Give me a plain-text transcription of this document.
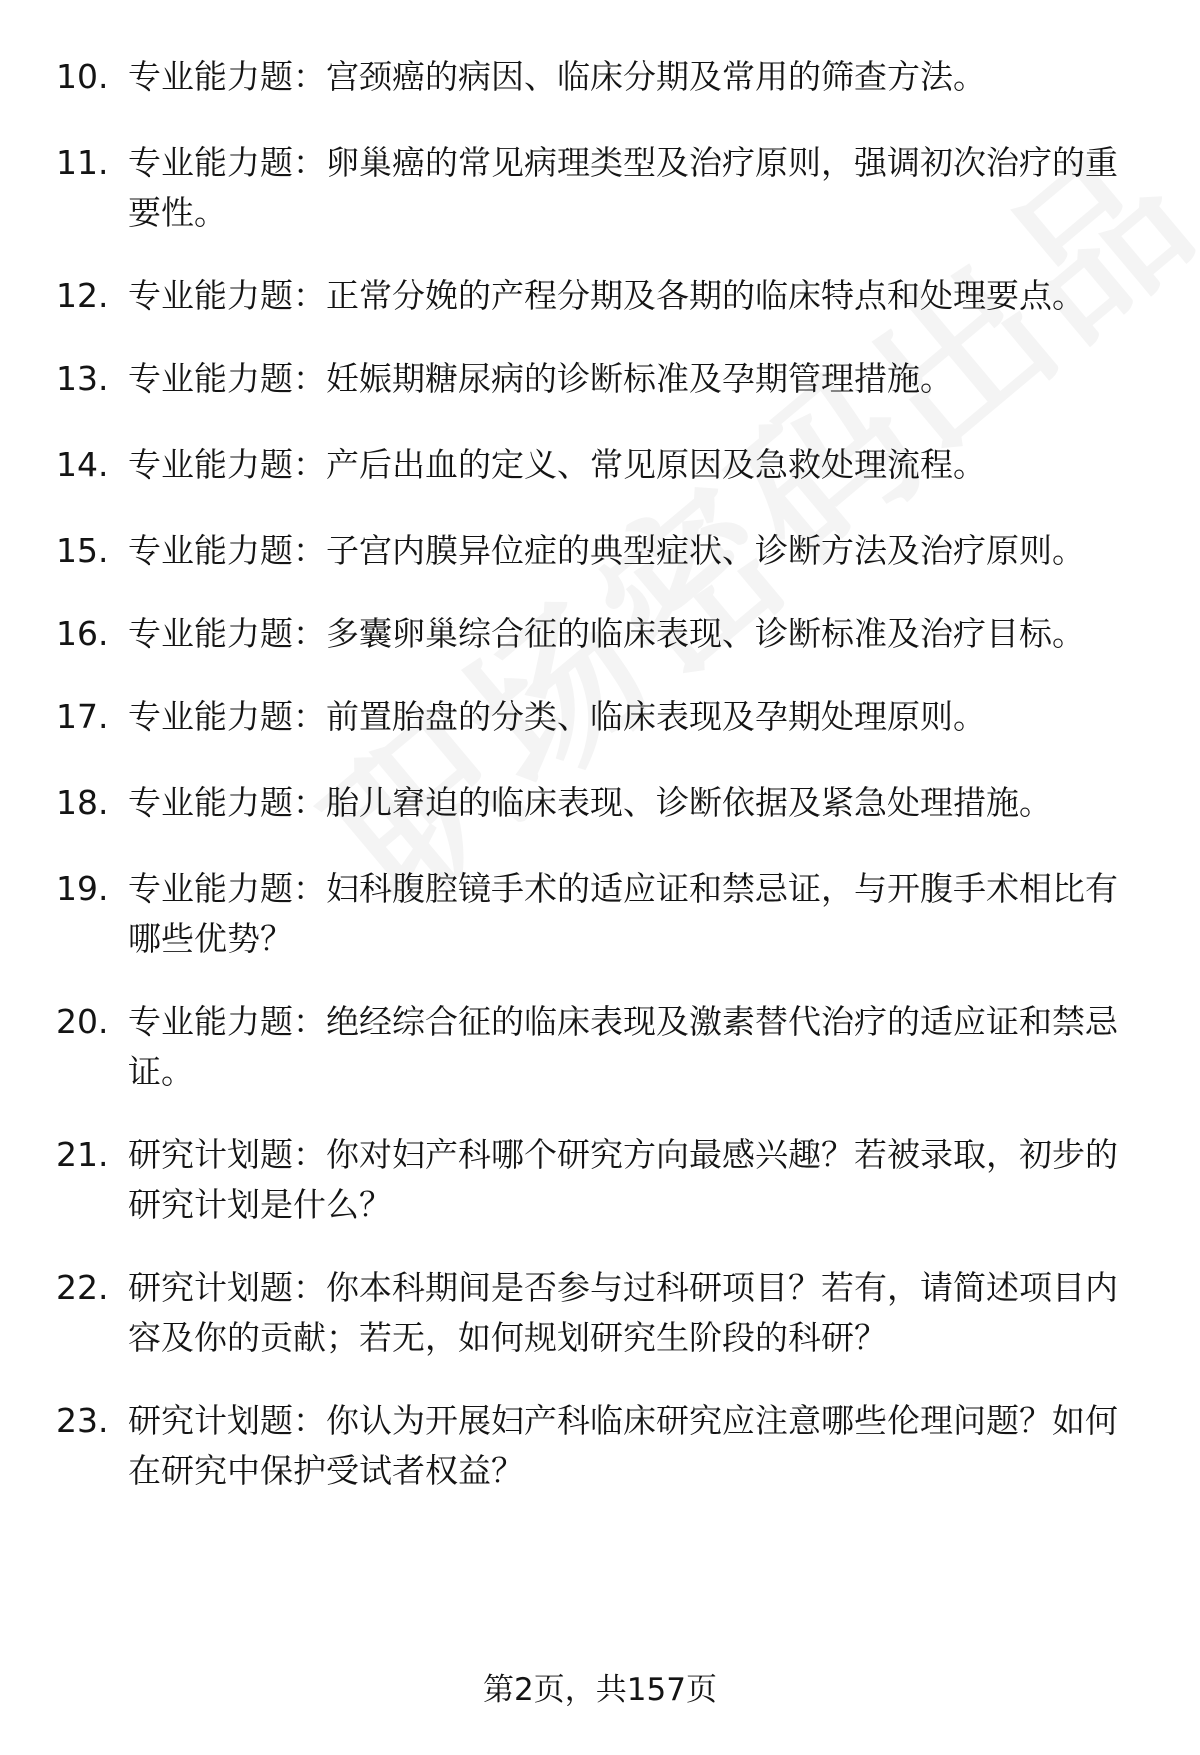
10. 专业能力题：宫颈癌的病因、临床分期及常用的筛查方法。
11. 专业能力题：卵巢癌的常见病理类型及治疗原则，强调初次治疗的重要性。
12. 专业能力题：正常分娩的产程分期及各期的临床特点和处理要点。
13. 专业能力题：妊娠期糖尿病的诊断标准及孕期管理措施。
14. 专业能力题：产后出血的定义、常见原因及急救处理流程。
15. 专业能力题：子宫内膜异位症的典型症状、诊断方法及治疗原则。
16. 专业能力题：多囊卵巢综合征的临床表现、诊断标准及治疗目标。
17. 专业能力题：前置胎盘的分类、临床表现及孕期处理原则。
18. 专业能力题：胎儿窘迫的临床表现、诊断依据及紧急处理措施。
19. 专业能力题：妇科腹腔镜手术的适应证和禁忌证，与开腹手术相比有哪些优势？
20. 专业能力题：绝经综合征的临床表现及激素替代治疗的适应证和禁忌证。
21. 研究计划题：你对妇产科哪个研究方向最感兴趣？若被录取，初步的研究计划是什么？
22. 研究计划题：你本科期间是否参与过科研项目？若有，请简述项目内容及你的贡献；若无，如何规划研究生阶段的科研？
23. 研究计划题：你认为开展妇产科临床研究应注意哪些伦理问题？如何在研究中保护受试者权益？
第2页，共157页
